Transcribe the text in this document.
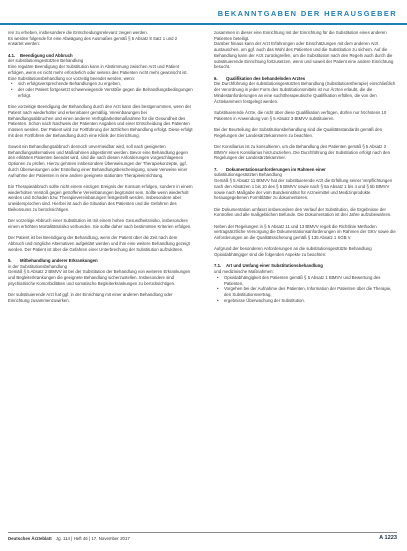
BEKANNTGABEN DER HERAUSGEBER

ren zu erheben, insbesondere die Entscheidungsrelevanz zeigen werden.

Es werden folgende für eine Abwägung des Ausmaßes gemäß § 5 Absatz 8 Satz 1 und 2 erwartet werden:

4.1. Beendigung und Abbruch

der substitutionsgestützten Behandlung

Eine reguläre Beendigung der Substitution kann in Abstimmung zwischen Arzt und Patient erfolgen, wenn es nicht mehr erforderlich oder seitens des Patienten nicht mehr gewünscht ist.

Eine Substitutionsbehandlung vor vorzeitig beendet werden, wenn:

• sich erfolgsversprechende Behandlungen zu ergeben,

• der oder Patient fortgesetzt schwerwiegende Verstöße gegen die Behandlungsbedingungen erfolgt.

Eine vorzeitige Beendigung der Behandlung durch den Arzt kann dies bestgenommen, wenn der Patient nach wiederholter und erkennbarer gemäßig. Vereinbarungen bei Behandlungsabbruchen und einen anderen Verfügbarkeitsmaßnahme für die Gesundheit des Patienten. Schon nach Nachweis der Patienten Angaben und einer Entscheidung des Patienten müssen werden. Der Patient wird zur Fortführung der ärztlichen Behandlung erfolgt. Diese erfolgt mit dem Fortführen der Behandlung durch eine Klinik der Einrichtung.

Soweit ein Behandlungsabbruch dennoch unvermeidbar wird, soll nach geeigneten Behandlungsalternativen und Maßnahmen abgestimmt werden. Bevor eine Behandlung gegen den erklärten Patienten beendet wird, sind die nach diesen Anforderungen vorgeschlagenen Optionen zu prüfen. Hierzu gehören insbesondere Überweisungen der Therapiekonzepte, ggf. durch Überweisungen oder Erstellung einer Behandlungsbescheinigung, sowie Verweise einer Aufnahme der Patienten in eine andere geeignete stationäre Therapieeinrichtung.

Ein Therapieabbruch sollte nicht einem einzigen Ereignis der Konsum erfolgen, sondern in einem wiederholten Verstoß gegen getroffene Vereinbarungen begründet sein. Sollte wenn wiederholt werden und Schaden bzw. Therapievereinbarungen festgestellt werden, insbesondere aber unwidersprochen sind. Hierbei ist auch die Situation des Patienten und die Gefahren des Beikonsums zu berücksichtigen.

Der vorzeitige Abbruch einer Substitution ist mit einem hohen Gesundheitsrisiko, insbesondere einem erhöhten Mortalitätsrisiko verbunden. Sie sollte daher nach bestimmten Kriterien erfolgen.

Der Patient ist bei Beendigung der Behandlung, wenn der Patient über die Zeit nach dem Abbruch und mögliche Alternativen aufgeklärt werden und ihm eine weitere Behandlung gezeigt werden. Der Patient ist über die Gefahren einer Unterbrechung der Substitution aufzuklären.

5. Mitbehandlung anderer Erkrankungen

in der Substitutionsbehandlung

Gemäß § 5 Absatz 2 BtMVV ist bei der Substitution der Behandlung von weiteren Erkrankungen und Begleiterkrankungen die geeignete Behandlung sicherzustellen. Insbesondere sind psychiatrische Komorbiditäten und somatische Begleiterkrankungen zu berücksichtigen.

Der substituierende Arzt hat ggf. in der Einrichtung mit einer anderen Behandlung oder Einrichtung zusammenzuwirken.

zusammen in dieser eine Einrichtung mit der Einrichtung für die Substitution eines anderen Patienten beteiligt.

Darüber hinaus kann der Arzt Erfahrungen oder Einschätzungen mit dem anderen Arzt austauschen, um ggf. auch das Wohl des Patienten und die Substitution zu sichern. Auf die Behandlung kann der Arzt zurückgreifen, um die Substitution nach den Regeln auch durch die substituierende Einrichtung fortzusetzen, wenn und soweit der Patient eine andere Einrichtung besucht.

6. Qualifikation des behandelnden Arztes

Die Durchführung der substitutionsgestützten Behandlung (Substitutionstherapie) einschließlich der Verordnung in jeder Form des Substitutionsmittels ist nur Ärzten erlaubt, die die Mindestanforderungen an eine suchttherapeutische Qualifikation erfüllen, die von den Ärztekammern festgelegt werden.

Substituierende Ärzte, die nicht über diese Qualifikation verfügen, dürfen nur höchstens 10 Patienten in Anwendung von § 5 Absatz 3 BtMVV substituieren.

Bei der Beurteilung der Substitutionsbehandlung sind die Qualitätsstandards gemäß den Regelungen der Landesärztekammern zu beachten.

Der Konsiliarius ist zu konsultieren, um die Behandlung des Patienten gemäß § 5 Absatz 3 BtMVV einen Konsiliarius hinzuzuziehen. Die Durchführung der Substitution erfolgt nach den Regelungen der Landesärztekammer.

7. Dokumentationsanforderungen im Rahmen einer

substitutionsgestützten Behandlung

Gemäß § 5 Absatz 11 BtMVV hat der substituierende Arzt die Erfüllung seiner Verpflichtungen nach den Absätzen 1 bis 10 des § 5 BtMVV sowie nach § 5a Absatz 1 bis 4 und § 5b BtMVV sowie nach Maßgabe der vom Bundesinstitut für Arzneimittel und Medizinprodukte herausgegebenen Formblätter zu dokumentieren.

Die Dokumentation umfasst insbesondere den Verlauf der Substitution, die Ergebnisse der Kontrollen und alle maßgeblichen Befunde. Die Dokumentation ist drei Jahre aufzubewahren.

Neben der Regelungen in § 5 Absatz 11 und 13 BtMVV regelt die Richtlinie Methoden vertragsärztliche Versorgung die Dokumentationsanforderungen im Rahmen der GKV sowie die Anforderungen an die Qualitätssicherung gemäß § 135 Absatz 1 SGB V.

Aufgrund der besonderen Anforderungen an die substitutionsgestützte Behandlung Opioidabhängiger sind die folgenden Aspekte zu beachten:

7.1. Art und Umfang einer Substitutionsbehandlung

und medizinische Maßnahmen:

• Opioidabhängigkeit des Patienten gemäß § 5 Absatz 1 BtMVV und Bewertung des Patienten,

• Vorgehen bei der Aufnahme des Patienten, Information der Patienten über die Therapie, den Substitutionsvertrag,

• ergebnisse Überwachung der Substitution.

Deutsches Ärzteblatt Jg. 114 | Heft 46 | 17. November 2017	A 1223
